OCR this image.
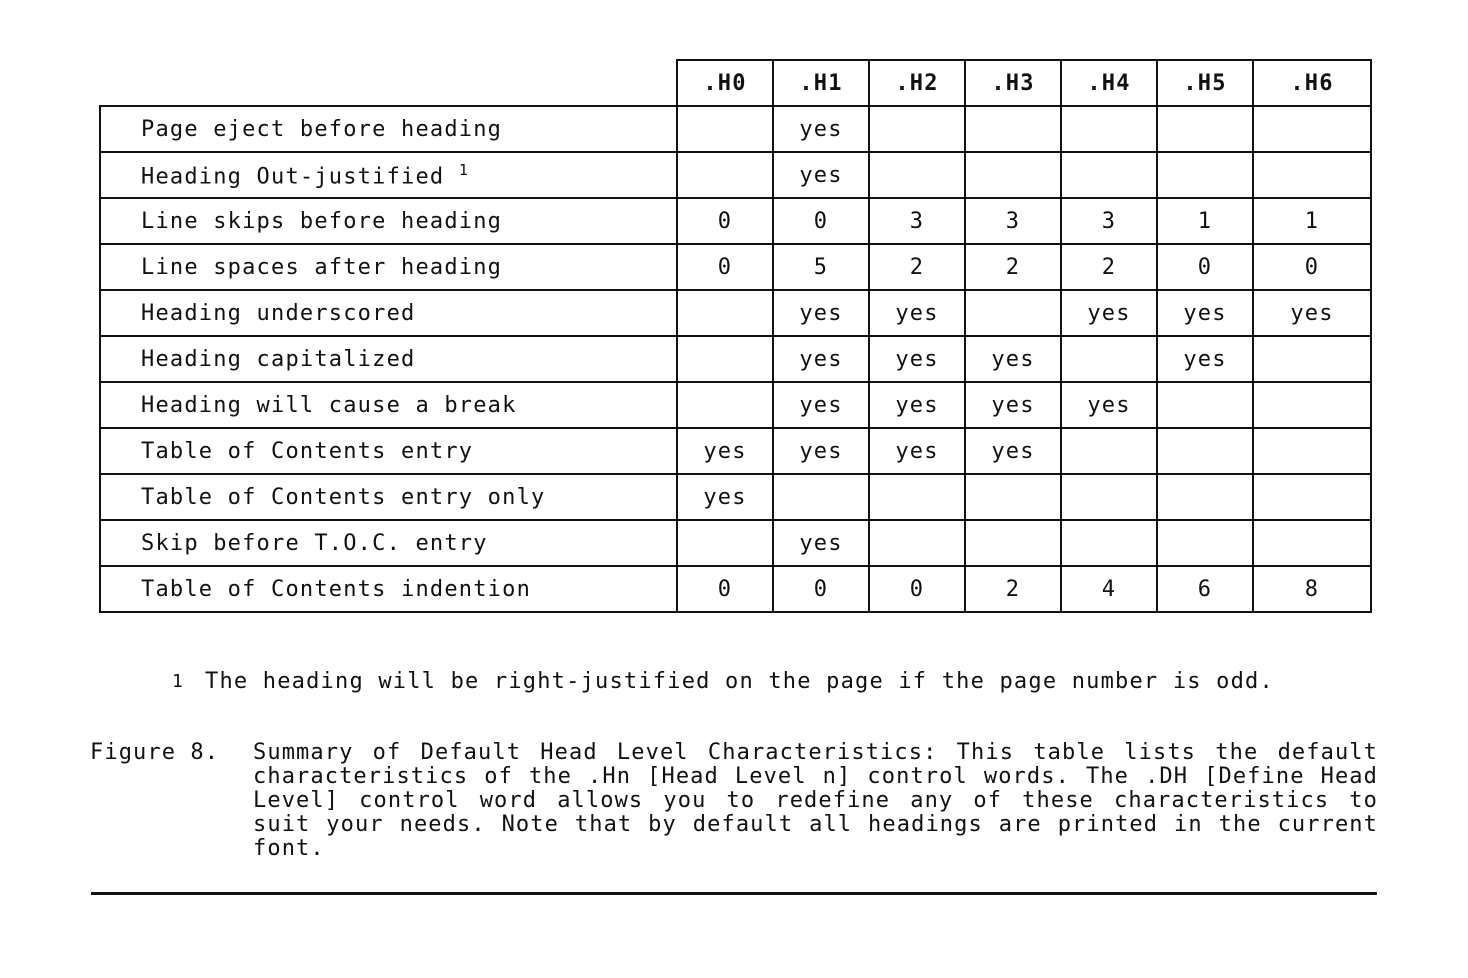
	.H0	.H1	.H2	.H3	.H4	.H5	.H6
Page eject before heading		yes					
Heading Out-justified $^1$		yes					
Line skips before heading	0	0	3	3	3	1	1
Line spaces after heading	0	5	2	2	2	0	0
Heading underscored		yes	yes		yes	yes	yes
Heading capitalized		yes	yes	yes		yes	
Heading will cause a break		yes	yes	yes	yes		
Table of Contents entry	yes	yes	yes	yes			
Table of Contents entry only	yes						
Skip before T.O.C. entry		yes					
Table of Contents indention	0	0	0	2	4	6	8

1 The heading will be right-justified on the page if the page number is odd.

Figure 8. Summary of Default Head Level Characteristics: This table lists the default characteristics of the .Hn [Head Level n] control words. The .DH [Define Head Level] control word allows you to redefine any of these characteristics to suit your needs. Note that by default all headings are printed in the current font.
